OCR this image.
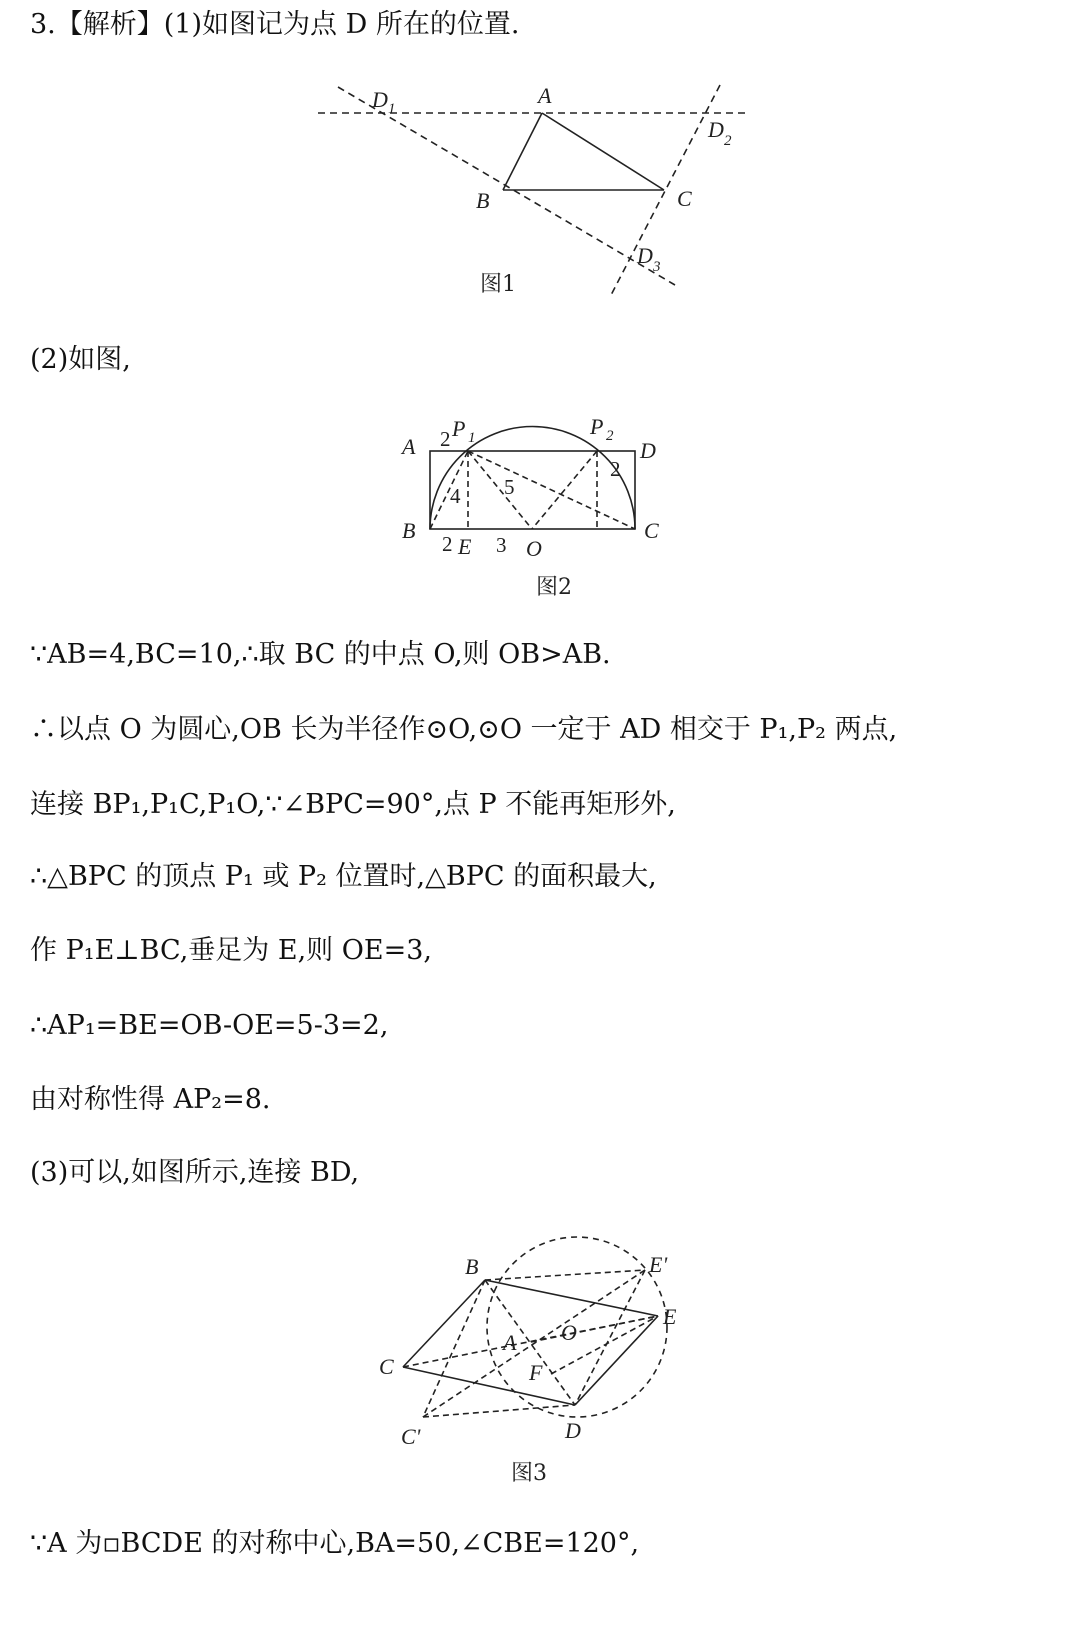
3.【解析】(1)如图记为点 D 所在的位置.
D 1
A
D 2
B	C
D 3
图1
(2)如图,
A 2 P 1	P 2
D
2
4 5
B	C
2 E 3 O
图2
∵AB=4,BC=10,∴取 BC 的中点 O,则 OB>AB.
∴以点 O 为圆心,OB 长为半径作⊙O,⊙O 一定于 AD 相交于 P₁,P₂ 两点,
连接 BP₁,P₁C,P₁O,∵∠BPC=90°,点 P 不能再矩形外,
∴△BPC 的顶点 P₁ 或 P₂ 位置时,△BPC 的面积最大,
作 P₁E⊥BC,垂足为 E,则 OE=3,
∴AP₁=BE=OB-OE=5-3=2,
由对称性得 AP₂=8.
(3)可以,如图所示,连接 BD,
B	E'
E
O
A
F
C
C'	D
图3
∵A 为▫BCDE 的对称中心,BA=50,∠CBE=120°,
